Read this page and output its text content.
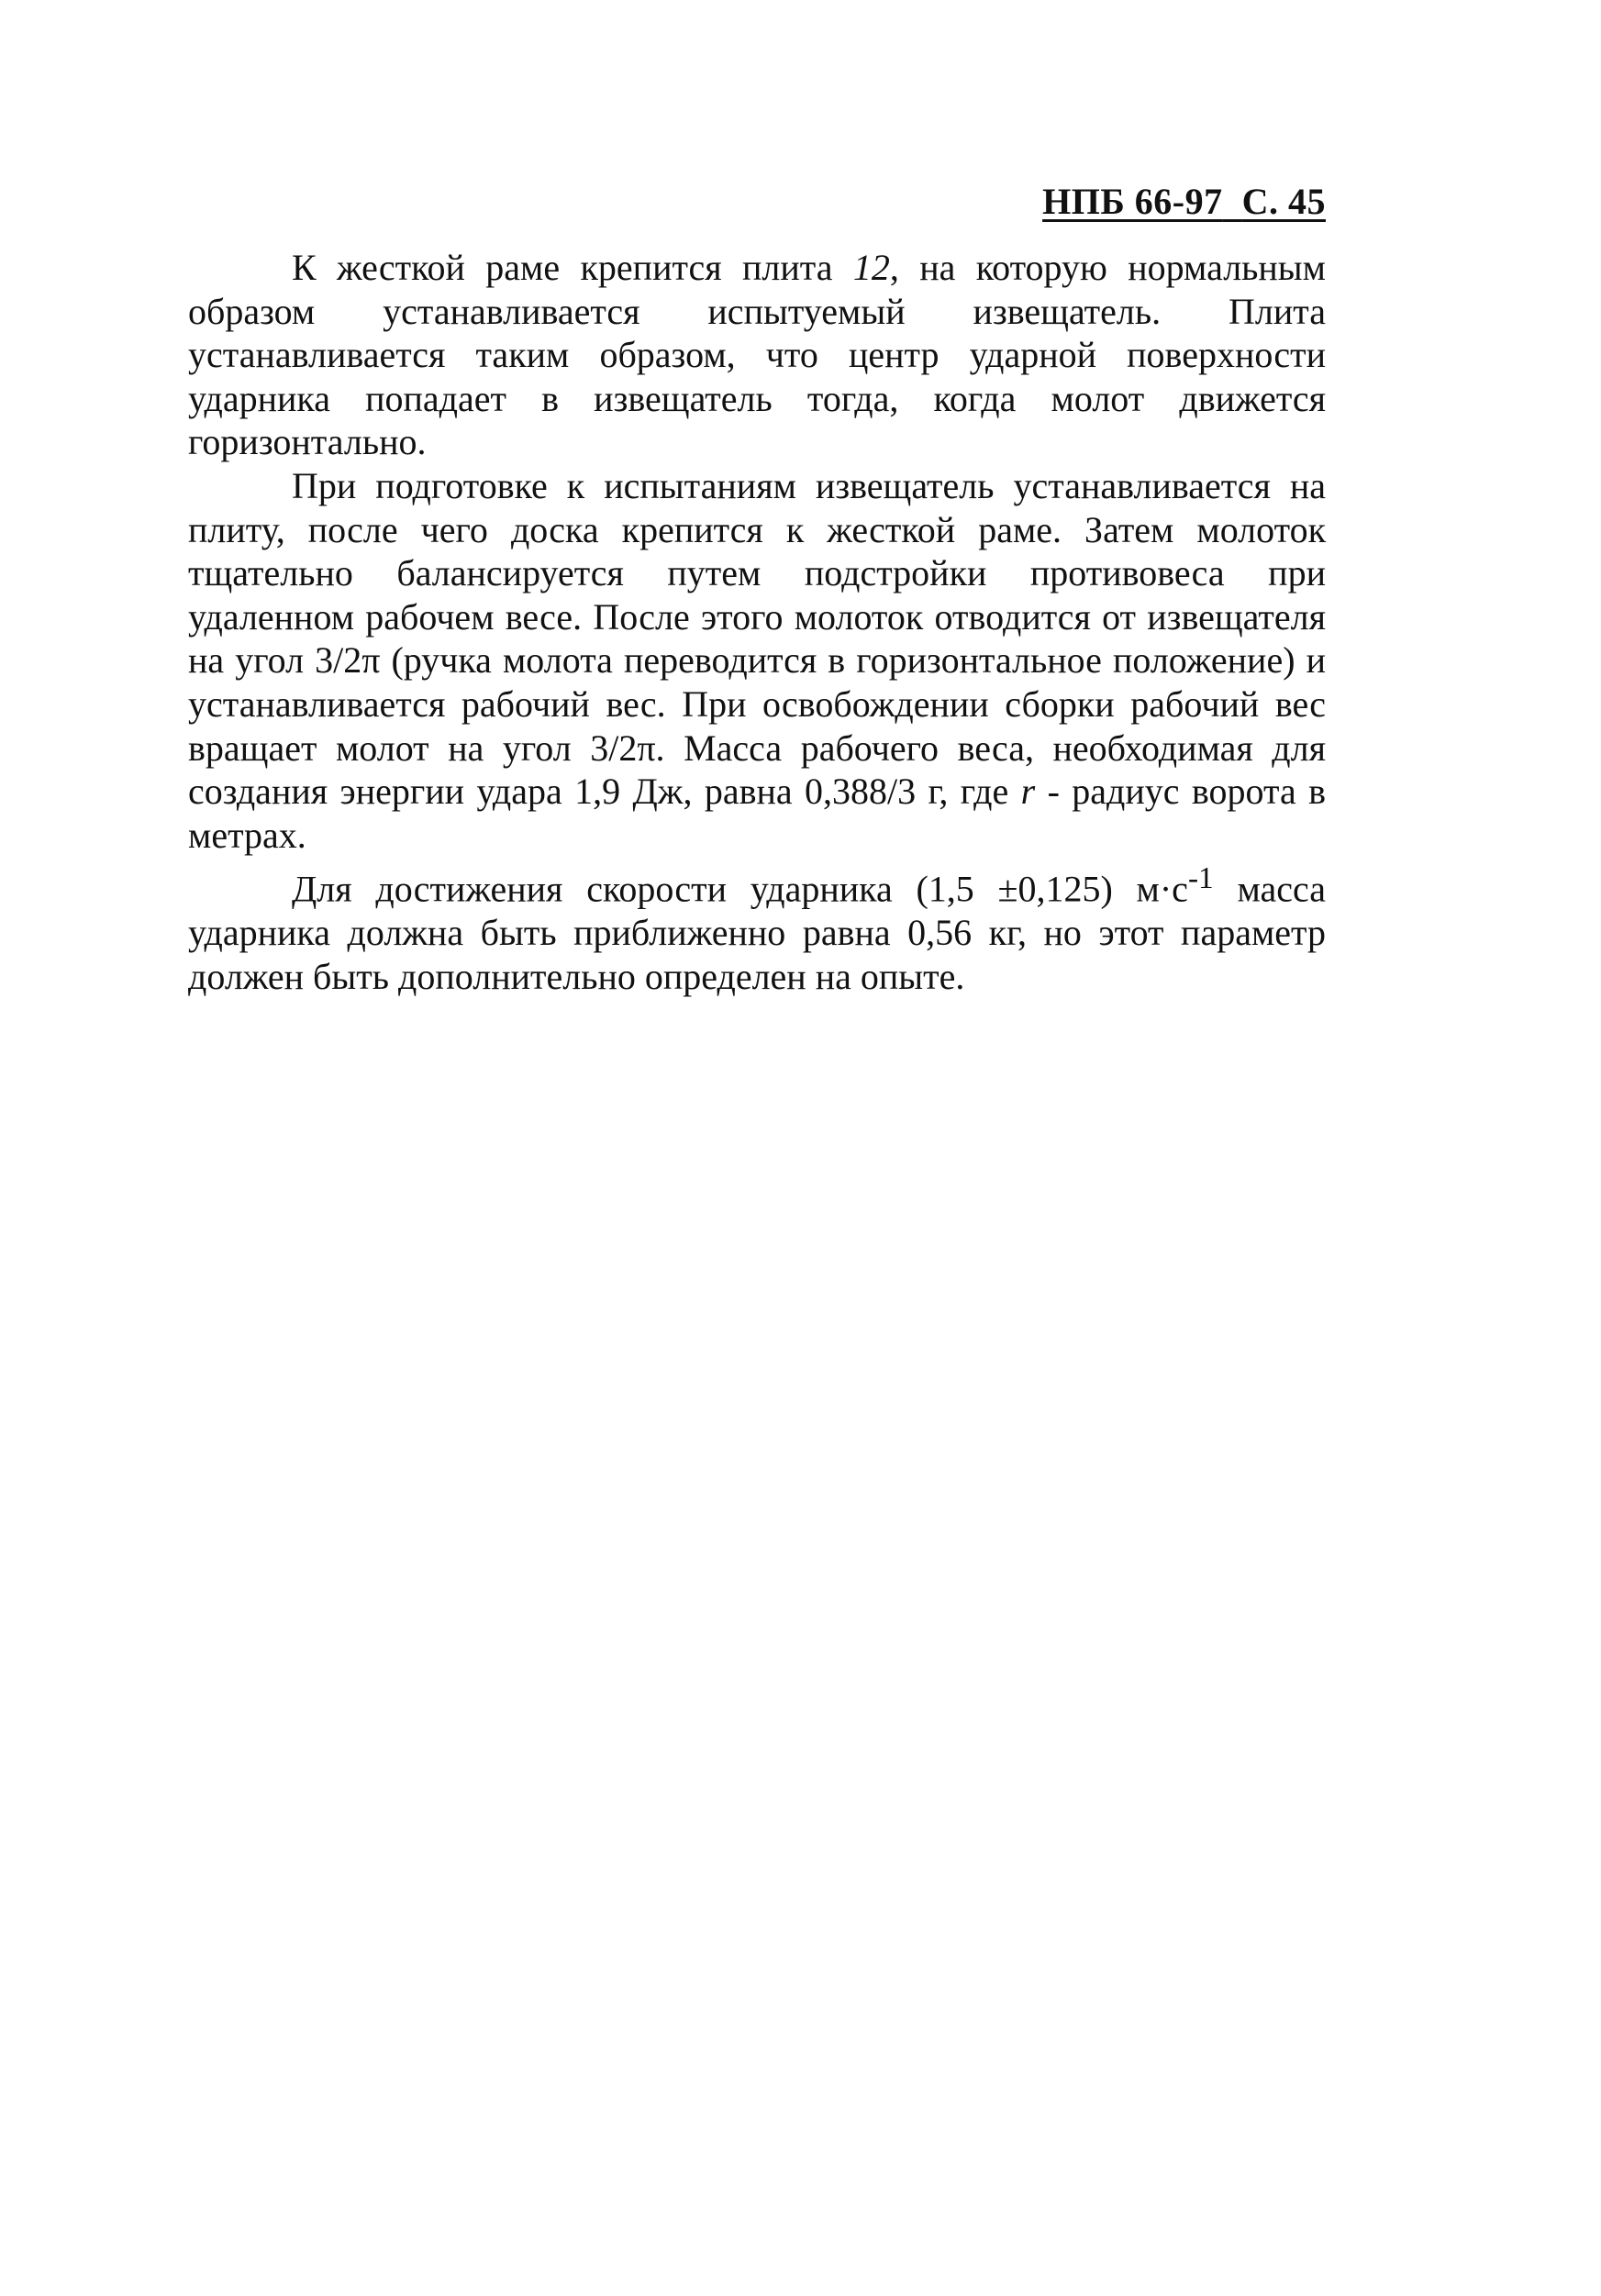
НПБ 66-97 С. 45

К жесткой раме крепится плита 12, на которую нормальным образом устанавливается испытуемый извещатель. Плита устанавливается таким образом, что центр ударной поверхности ударника попадает в извещатель тогда, когда молот движется горизонтально.

При подготовке к испытаниям извещатель устанавливается на плиту, после чего доска крепится к жесткой раме. Затем молоток тщательно балансируется путем подстройки противовеса при удаленном рабочем весе. После этого молоток отводится от извещателя на угол 3/2π (ручка молота переводится в горизонтальное положение) и устанавливается рабочий вес. При освобождении сборки рабочий вес вращает молот на угол 3/2π. Масса рабочего веса, необходимая для создания энергии удара 1,9 Дж, равна 0,388/3 г, где r - радиус ворота в метрах.

Для достижения скорости ударника (1,5 ±0,125) $м\cdot с^{-1}$ масса ударника должна быть приближенно равна 0,56 кг, но этот параметр должен быть дополнительно определен на опыте.
